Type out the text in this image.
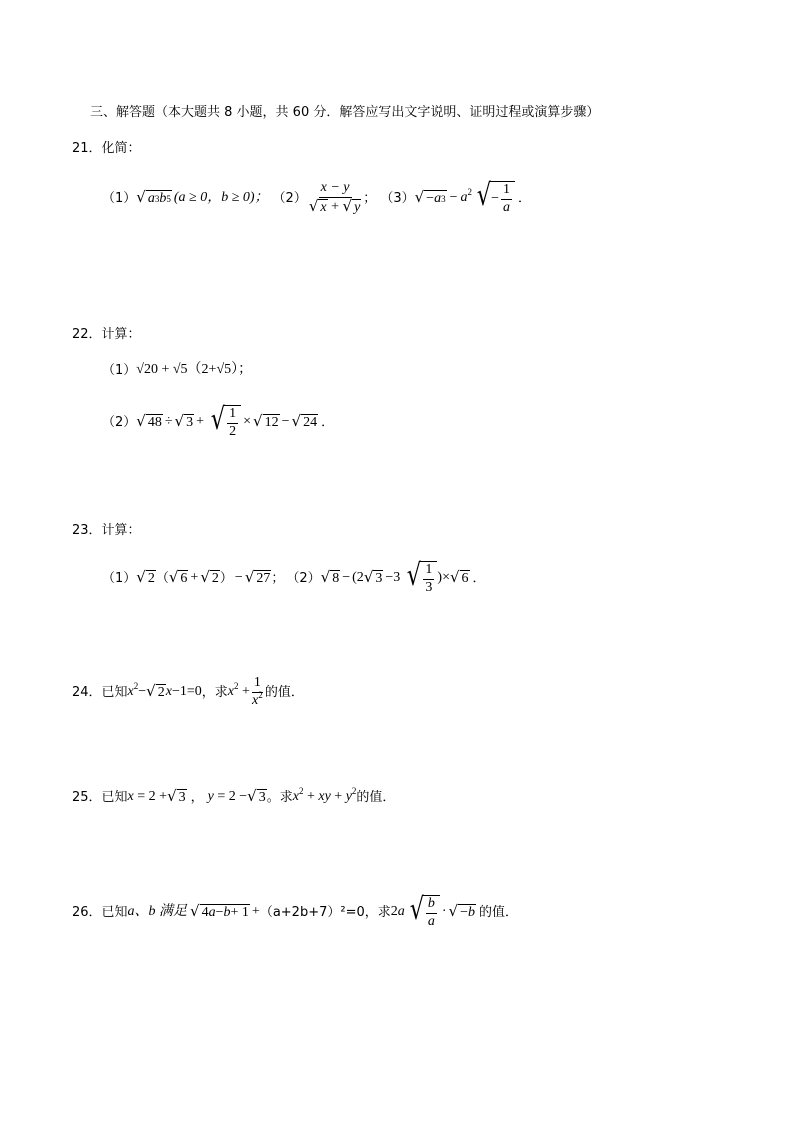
三、解答题（本大题共 8 小题，共 60 分．解答应写出文字说明、证明过程或演算步骤）
21．化简：
（1） √ a 3 b 5 (a ≥ 0，b ≥ 0)； $(2) \frac{x - y}{√ x + √ y}$ ； （3） √ − a $3 - a^2$ √ − $\frac{1}{a}$ ．
22．计算：
（1） √20 + √5（2+√5）；
（2） √ 48 ÷ √ 3 + √ $\frac{1}{2}$ × √ 12 − √ 24 ．
23．计算：
（1） √ 2 （ √ 6 + √ 2 ） − √ 27 ； （2） √ 8 − (2 √ 3 −3 √ $\frac{1}{3}$ )× √ 6 ．
24．已知 $x^2-$ √ 2 x−1=0 ，求 $x^2 + \frac{1}{x^2}$ 的值．
25．已知 x = 2 + √ 3 ， y = 2 − √ 3 。求 $x^2$ + xy + $y^2$ 的值．
26．已知 a、b 满足 √ 4 a − b + 1 + （a+2b+7）²=0，求 2a √ $\frac{b}{a}$ · √ − b 的值．
